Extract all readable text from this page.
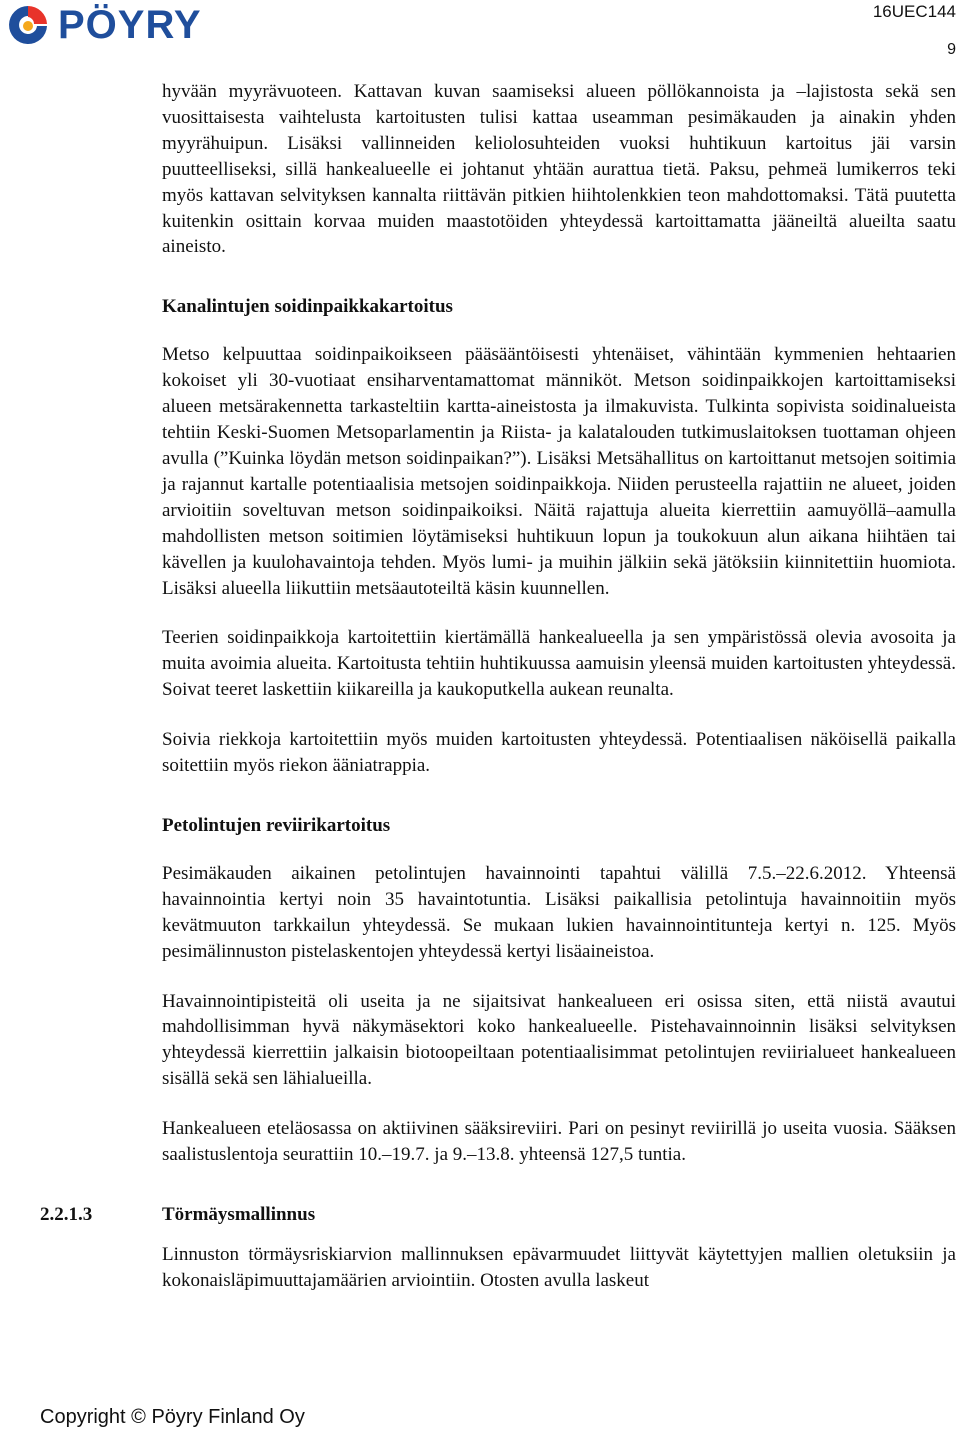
PÖYRY	16UEC144
9

hyvään myyrävuoteen. Kattavan kuvan saamiseksi alueen pöllökannoista ja –lajistosta sekä sen vuosittaisesta vaihtelusta kartoitusten tulisi kattaa useamman pesimäkauden ja ainakin yhden myyrähuipun. Lisäksi vallinneiden keliolosuhteiden vuoksi huhtikuun kartoitus jäi varsin puutteelliseksi, sillä hankealueelle ei johtanut yhtään aurattua tietä. Paksu, pehmeä lumikerros teki myös kattavan selvityksen kannalta riittävän pitkien hiihtolenkkien teon mahdottomaksi. Tätä puutetta kuitenkin osittain korvaa muiden maastotöiden yhteydessä kartoittamatta jääneiltä alueilta saatu aineisto.

Kanalintujen soidinpaikkakartoitus

Metso kelpuuttaa soidinpaikoikseen pääsääntöisesti yhtenäiset, vähintään kymmenien hehtaarien kokoiset yli 30-vuotiaat ensiharventamattomat männiköt. Metson soidinpaikkojen kartoittamiseksi alueen metsärakennetta tarkasteltiin kartta-aineistosta ja ilmakuvista. Tulkinta sopivista soidinalueista tehtiin Keski-Suomen Metsoparlamentin ja Riista- ja kalatalouden tutkimuslaitoksen tuottaman ohjeen avulla (”Kuinka löydän metson soidinpaikan?”). Lisäksi Metsähallitus on kartoittanut metsojen soitimia ja rajannut kartalle potentiaalisia metsojen soidinpaikkoja. Niiden perusteella rajattiin ne alueet, joiden arvioitiin soveltuvan metson soidinpaikoiksi. Näitä rajattuja alueita kierrettiin aamuyöllä–aamulla mahdollisten metson soitimien löytämiseksi huhtikuun lopun ja toukokuun alun aikana hiihtäen tai kävellen ja kuulohavaintoja tehden. Myös lumi- ja muihin jälkiin sekä jätöksiin kiinnitettiin huomiota. Lisäksi alueella liikuttiin metsäautoteiltä käsin kuunnellen.

Teerien soidinpaikkoja kartoitettiin kiertämällä hankealueella ja sen ympäristössä olevia avosoita ja muita avoimia alueita. Kartoitusta tehtiin huhtikuussa aamuisin yleensä muiden kartoitusten yhteydessä. Soivat teeret laskettiin kiikareilla ja kaukoputkella aukean reunalta.

Soivia riekkoja kartoitettiin myös muiden kartoitusten yhteydessä. Potentiaalisen näköisellä paikalla soitettiin myös riekon ääniatrappia.

Petolintujen reviirikartoitus

Pesimäkauden aikainen petolintujen havainnointi tapahtui välillä 7.5.–22.6.2012. Yhteensä havainnointia kertyi noin 35 havaintotuntia. Lisäksi paikallisia petolintuja havainnoitiin myös kevätmuuton tarkkailun yhteydessä. Se mukaan lukien havainnointitunteja kertyi n. 125. Myös pesimälinnuston pistelaskentojen yhteydessä kertyi lisäaineistoa.

Havainnointipisteitä oli useita ja ne sijaitsivat hankealueen eri osissa siten, että niistä avautui mahdollisimman hyvä näkymäsektori koko hankealueelle. Pistehavainnoinnin lisäksi selvityksen yhteydessä kierrettiin jalkaisin biotoopeiltaan potentiaalisimmat petolintujen reviirialueet hankealueen sisällä sekä sen lähialueilla.

Hankealueen eteläosassa on aktiivinen sääksireviiri. Pari on pesinyt reviirillä jo useita vuosia. Sääksen saalistuslentoja seurattiin 10.–19.7. ja 9.–13.8. yhteensä 127,5 tuntia.

2.2.1.3	Törmäysmallinnus

Linnuston törmäysriskiarvion mallinnuksen epävarmuudet liittyvät käytettyjen mallien oletuksiin ja kokonaisläpimuuttajamäärien arviointiin. Otosten avulla laskeut

Copyright © Pöyry Finland Oy
